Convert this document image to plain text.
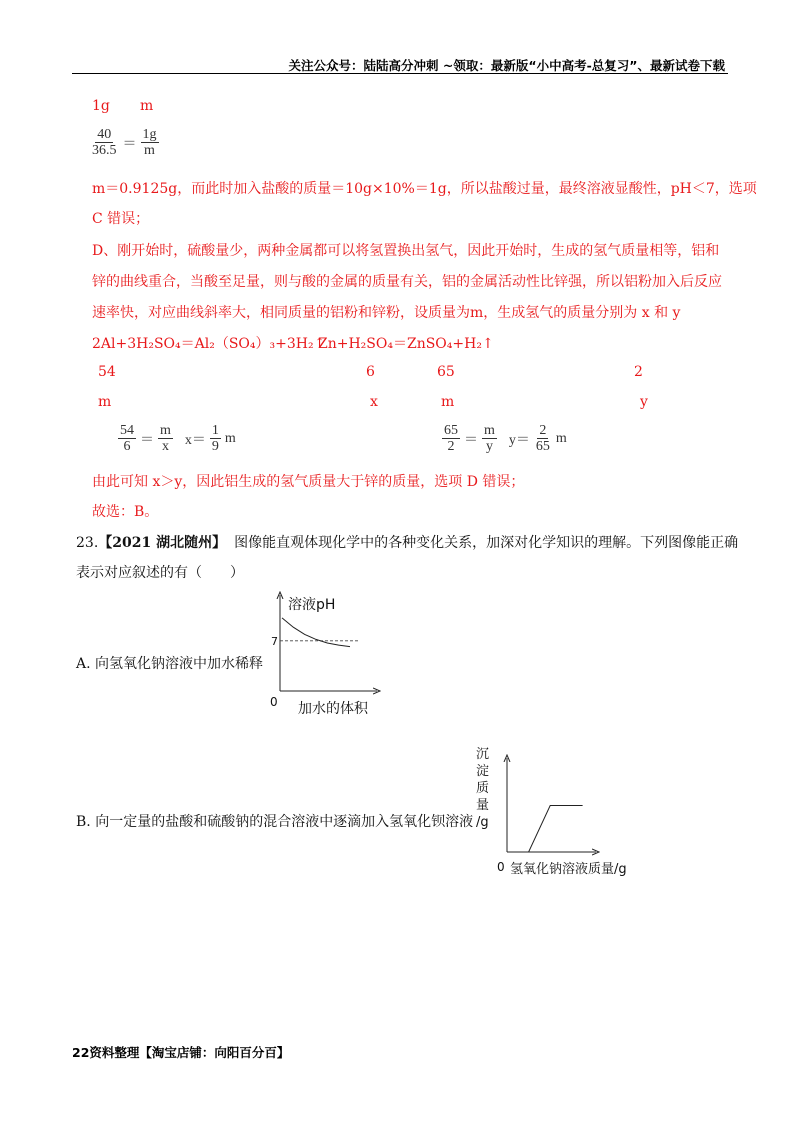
关注公众号：陆陆高分冲刺 ~领取：最新版“小中高考-总复习”、最新试卷下载
1g m
$\frac{40}{36.5} = \frac{1g}{m}$
m＝0.9125g，而此时加入盐酸的质量＝10g×10%＝1g，所以盐酸过量，最终溶液显酸性，pH＜7，选项
C 错误；
D、刚开始时，硫酸量少，两种金属都可以将氢置换出氢气，因此开始时，生成的氢气质量相等，铝和
锌的曲线重合，当酸至足量，则与酸的金属的质量有关，铝的金属活动性比锌强，所以铝粉加入后反应
速率快，对应曲线斜率大，相同质量的铝粉和锌粉，设质量为m，生成氢气的质量分别为 x 和 y
2Al+3H₂SO₄＝Al₂（SO₄）₃+3H₂↑
Zn+H₂SO₄＝ZnSO₄+H₂↑
54	6	65	2
m	x	m	y
$\frac{54}{6} = \frac{m}{x} x= \frac{1}{9}$ m	$\frac{65}{2} = \frac{m}{y} y= \frac{2}{65}$ m
由此可知 x＞y，因此铝生成的氢气质量大于锌的质量，选项 D 错误；
故选：B。
23.【2021 湖北随州】 图像能直观体现化学中的各种变化关系，加深对化学知识的理解。下列图像能正确
表示对应叙述的有（　　）
A. 向氢氧化钠溶液中加水稀释
B. 向一定量的盐酸和硫酸钠的混合溶液中逐滴加入氢氧化钡溶液
溶液pH
加水的体积
0
7
沉淀质量/g
氢氧化钠溶液质量/g
0
22资料整理【淘宝店铺：向阳百分百】
